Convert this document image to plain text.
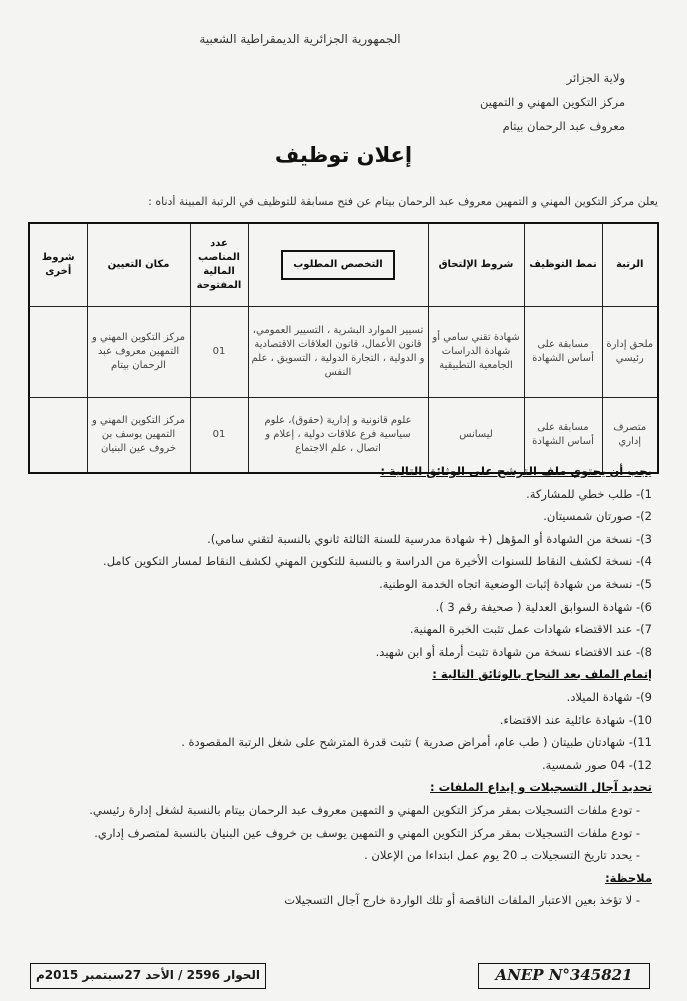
الجمهورية الجزائرية الديمقراطية الشعبية
ولاية الجزائر
مركز التكوين المهني و التمهين
معروف عبد الرحمان بيتام
إعلان توظيف
يعلن مركز التكوين المهني و التمهين معروف عبد الرحمان بيتام عن فتح مسابقة للتوظيف في الرتبة المبينة أدناه :
الرتبة	نمط التوظيف	شروط الإلتحاق	التخصص المطلوب	عدد المناصب المالية المفتوحة	مكان التعيين	شروط أخرى
ملحق إدارة رئيسي	مسابقة على أساس الشهادة	شهادة تقني سامي أو شهادة الدراسات الجامعية التطبيقية	تسيير الموارد البشرية ، التسيير العمومي، قانون الأعمال، قانون العلاقات الاقتصادية و الدولية ، التجارة الدولية ، التسويق ، علم النفس	01	مركز التكوين المهني و التمهين معروف عبد الرحمان بيتام	
متصرف إداري	مسابقة على أساس الشهادة	ليسانس	علوم قانونية و إدارية (حقوق)، علوم سياسية فرع علاقات دولية ، إعلام و اتصال ، علم الاجتماع	01	مركز التكوين المهني و التمهين يوسف بن خروف عين البنيان	
يجب أن يحتوي ملف الترشح على الوثائق التالية :
1)- طلب خطي للمشاركة.
2)- صورتان شمسيتان.
3)- نسخة من الشهادة أو المؤهل (+ شهادة مدرسية للسنة الثالثة ثانوي بالنسبة لتقني سامي).
4)- نسخة لكشف النقاط للسنوات الأخيرة من الدراسة و بالنسبة للتكوين المهني لكشف النقاط لمسار التكوين كامل.
5)- نسخة من شهادة إثبات الوضعية اتجاه الخدمة الوطنية.
6)- شهادة السوابق العدلية ( صحيفة رقم 3 ).
7)- عند الاقتضاء شهادات عمل تثبت الخبرة المهنية.
8)- عند الاقتضاء نسخة من شهادة تثبت أرملة أو ابن شهيد.
إتمام الملف بعد النجاح بالوثائق التالية :
9)- شهادة الميلاد.
10)- شهادة عائلية عند الاقتضاء.
11)- شهادتان طبيتان ( طب عام، أمراض صدرية ) تثبت قدرة المترشح على شغل الرتبة المقصودة .
12)- 04 صور شمسية.
تحديد آجال التسجيلات و إيداع الملفات :
- تودع ملفات التسجيلات بمقر مركز التكوين المهني و التمهين معروف عبد الرحمان بيتام بالنسبة لشغل إدارة رئيسي.
- تودع ملفات التسجيلات بمقر مركز التكوين المهني و التمهين يوسف بن خروف عين البنيان بالنسبة لمتصرف إداري.
- يحدد تاريخ التسجيلات بـ 20 يوم عمل ابتداءا من الإعلان .
ملاحظة:
- لا تؤخذ بعين الاعتبار الملفات الناقصة أو تلك الواردة خارج آجال التسجيلات
ANEP N°345821
الحوار 2596 / الأحد 27سبتمبر 2015م
